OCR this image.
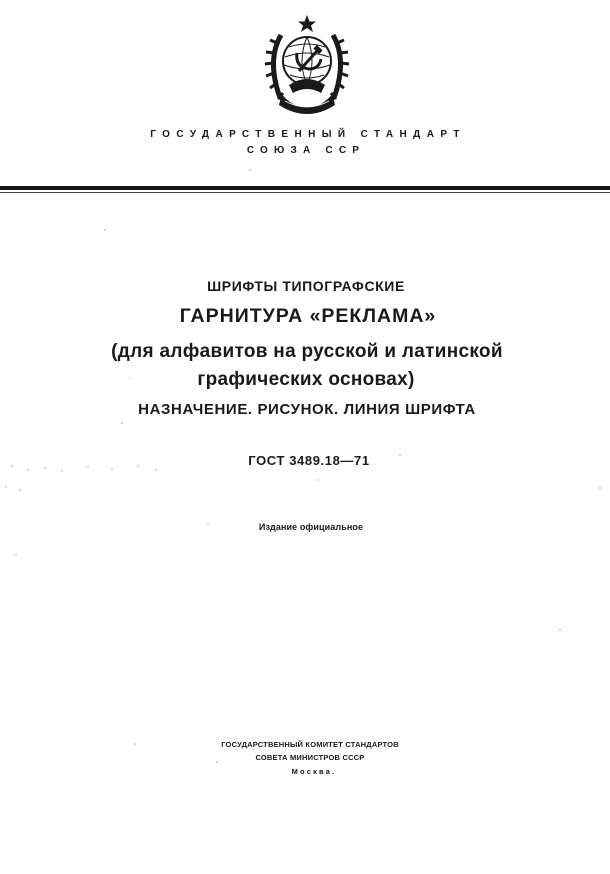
ГОСУДАРСТВЕННЫЙ СТАНДАРТ
СОЮЗА ССР
ШРИФТЫ ТИПОГРАФСКИЕ
ГАРНИТУРА «РЕКЛАМА»
(для алфавитов на русской и латинской
графических основах)
НАЗНАЧЕНИЕ. РИСУНОК. ЛИНИЯ ШРИФТА
ГОСТ 3489.18—71
Издание официальное
ГОСУДАРСТВЕННЫЙ КОМИТЕТ СТАНДАРТОВ
СОВЕТА МИНИСТРОВ СССР
Москва.
